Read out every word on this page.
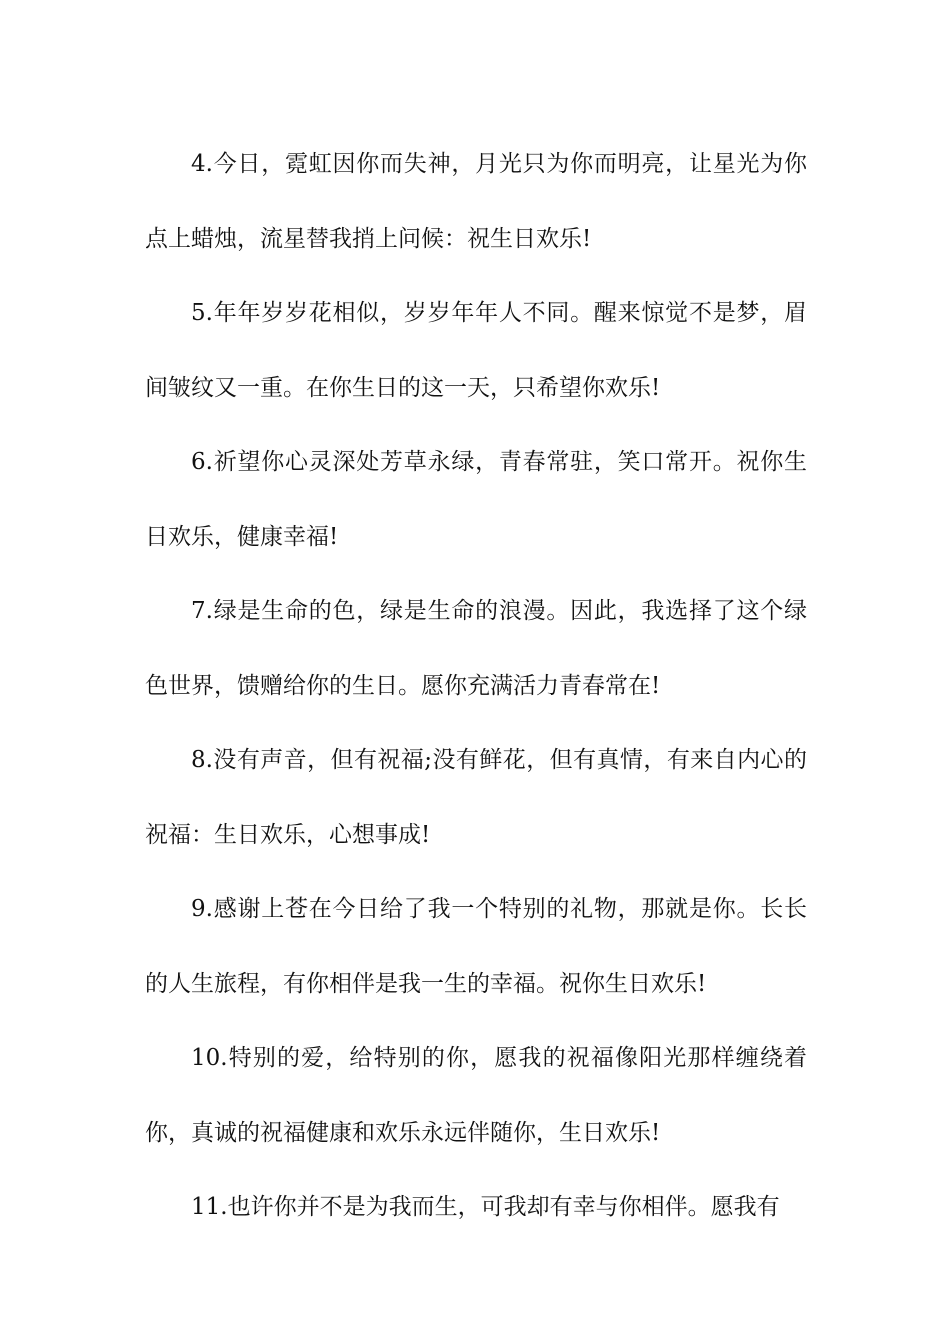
4.今日，霓虹因你而失神，月光只为你而明亮，让星光为你点上蜡烛，流星替我捎上问候：祝生日欢乐!

5.年年岁岁花相似，岁岁年年人不同。醒来惊觉不是梦，眉间皱纹又一重。在你生日的这一天，只希望你欢乐!

6.祈望你心灵深处芳草永绿，青春常驻，笑口常开。祝你生日欢乐，健康幸福!

7.绿是生命的色，绿是生命的浪漫。因此，我选择了这个绿色世界，馈赠给你的生日。愿你充满活力青春常在!

8.没有声音，但有祝福;没有鲜花，但有真情，有来自内心的祝福：生日欢乐，心想事成!

9.感谢上苍在今日给了我一个特别的礼物，那就是你。长长的人生旅程，有你相伴是我一生的幸福。祝你生日欢乐!

10.特别的爱，给特别的你，愿我的祝福像阳光那样缠绕着你，真诚的祝福健康和欢乐永远伴随你，生日欢乐!

11.也许你并不是为我而生，可我却有幸与你相伴。愿我有
